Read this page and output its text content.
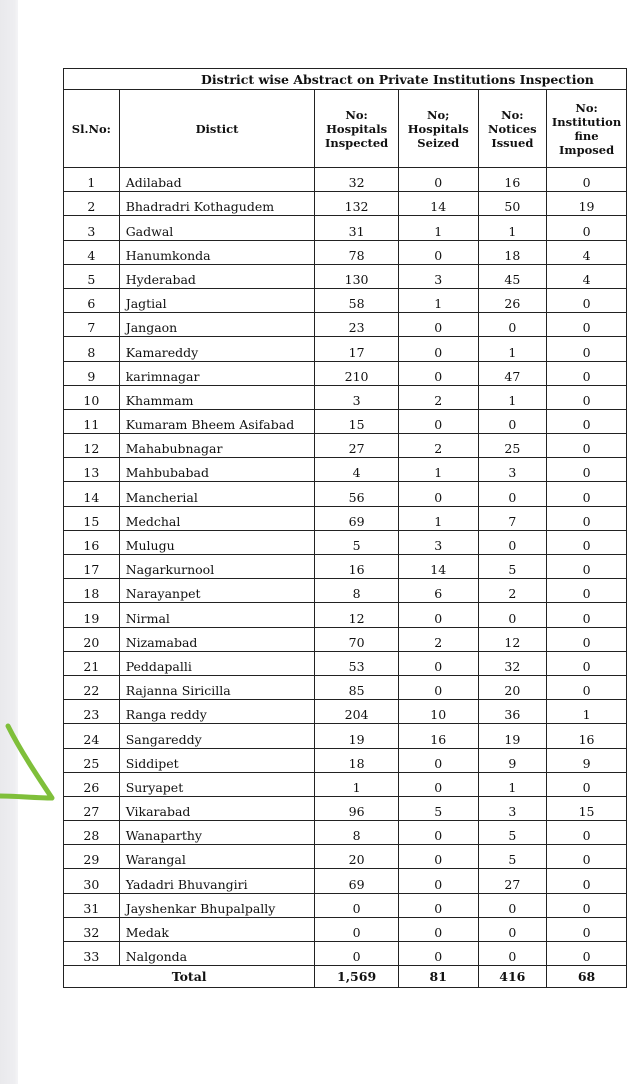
District wise Abstract on Private Institutions Inspection					
Sl.No:	Distict	No: Hospitals Inspected	No; Hospitals Seized	No: Notices Issued	No: Institution fine Imposed
1	Adilabad	32	0	16	0
2	Bhadradri Kothagudem	132	14	50	19
3	Gadwal	31	1	1	0
4	Hanumkonda	78	0	18	4
5	Hyderabad	130	3	45	4
6	Jagtial	58	1	26	0
7	Jangaon	23	0	0	0
8	Kamareddy	17	0	1	0
9	karimnagar	210	0	47	0
10	Khammam	3	2	1	0
11	Kumaram Bheem Asifabad	15	0	0	0
12	Mahabubnagar	27	2	25	0
13	Mahbubabad	4	1	3	0
14	Mancherial	56	0	0	0
15	Medchal	69	1	7	0
16	Mulugu	5	3	0	0
17	Nagarkurnool	16	14	5	0
18	Narayanpet	8	6	2	0
19	Nirmal	12	0	0	0
20	Nizamabad	70	2	12	0
21	Peddapalli	53	0	32	0
22	Rajanna Siricilla	85	0	20	0
23	Ranga reddy	204	10	36	1
24	Sangareddy	19	16	19	16
25	Siddipet	18	0	9	9
26	Suryapet	1	0	1	0
27	Vikarabad	96	5	3	15
28	Wanaparthy	8	0	5	0
29	Warangal	20	0	5	0
30	Yadadri Bhuvangiri	69	0	27	0
31	Jayshenkar Bhupalpally	0	0	0	0
32	Medak	0	0	0	0
33	Nalgonda	0	0	0	0
Total		1,569	81	416	68
